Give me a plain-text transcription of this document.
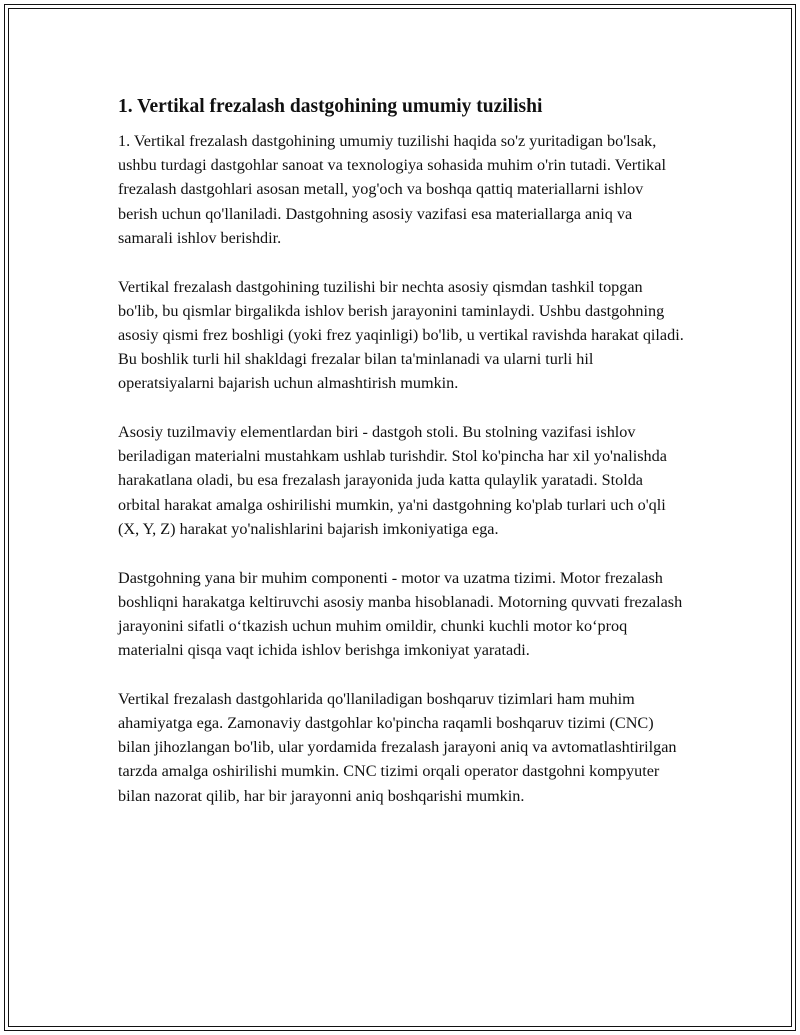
1. Vertikal frezalash dastgohining umumiy tuzilishi

1. Vertikal frezalash dastgohining umumiy tuzilishi haqida so'z yuritadigan bo'lsak, ushbu turdagi dastgohlar sanoat va texnologiya sohasida muhim o'rin tutadi. Vertikal frezalash dastgohlari asosan metall, yog'och va boshqa qattiq materiallarni ishlov berish uchun qo'llaniladi. Dastgohning asosiy vazifasi esa materiallarga aniq va samarali ishlov berishdir.

Vertikal frezalash dastgohining tuzilishi bir nechta asosiy qismdan tashkil topgan bo'lib, bu qismlar birgalikda ishlov berish jarayonini taminlaydi. Ushbu dastgohning asosiy qismi frez boshligi (yoki frez yaqinligi) bo'lib, u vertikal ravishda harakat qiladi. Bu boshlik turli hil shakldagi frezalar bilan ta'minlanadi va ularni turli hil operatsiyalarni bajarish uchun almashtirish mumkin.

Asosiy tuzilmaviy elementlardan biri - dastgoh stoli. Bu stolning vazifasi ishlov beriladigan materialni mustahkam ushlab turishdir. Stol ko'pincha har xil yo'nalishda harakatlana oladi, bu esa frezalash jarayonida juda katta qulaylik yaratadi. Stolda orbital harakat amalga oshirilishi mumkin, ya'ni dastgohning ko'plab turlari uch o'qli (X, Y, Z) harakat yo'nalishlarini bajarish imkoniyatiga ega.

Dastgohning yana bir muhim componenti - motor va uzatma tizimi. Motor frezalash boshliqni harakatga keltiruvchi asosiy manba hisoblanadi. Motorning quvvati frezalash jarayonini sifatli o‘tkazish uchun muhim omildir, chunki kuchli motor ko‘proq materialni qisqa vaqt ichida ishlov berishga imkoniyat yaratadi.

Vertikal frezalash dastgohlarida qo'llaniladigan boshqaruv tizimlari ham muhim ahamiyatga ega. Zamonaviy dastgohlar ko'pincha raqamli boshqaruv tizimi (CNC) bilan jihozlangan bo'lib, ular yordamida frezalash jarayoni aniq va avtomatlashtirilgan tarzda amalga oshirilishi mumkin. CNC tizimi orqali operator dastgohni kompyuter bilan nazorat qilib, har bir jarayonni aniq boshqarishi mumkin.
